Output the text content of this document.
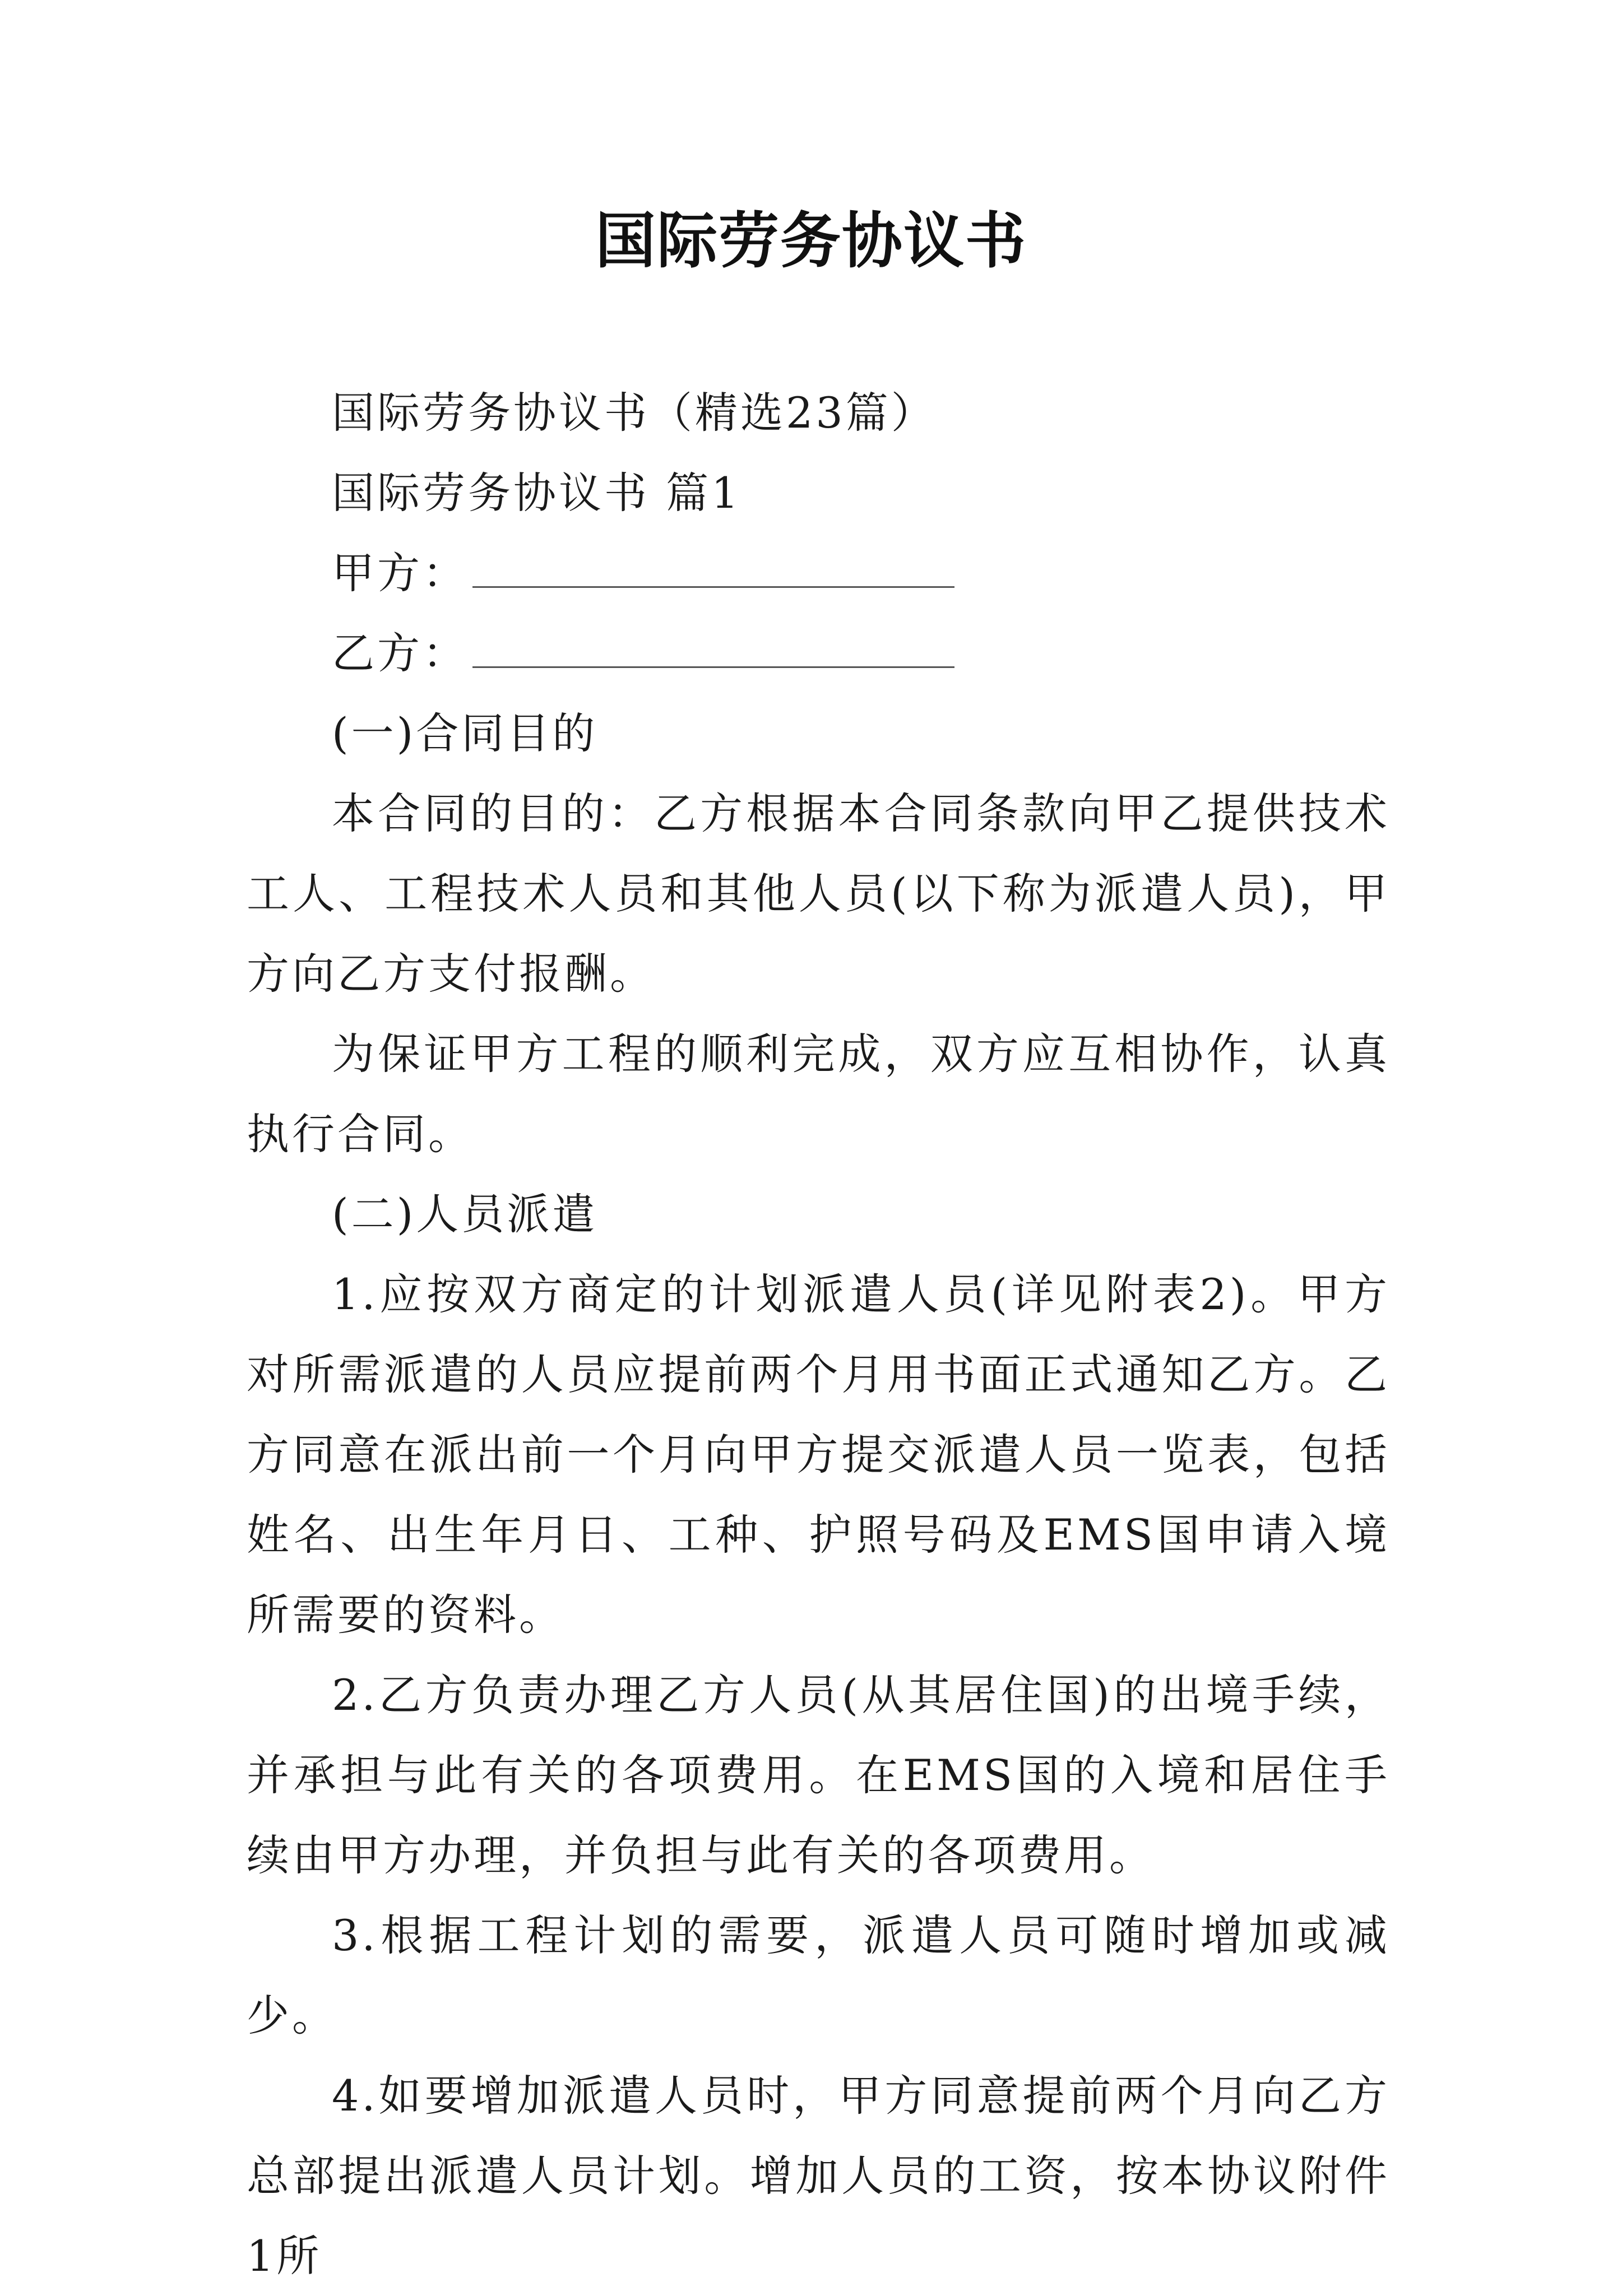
国际劳务协议书

国际劳务协议书（精选23篇）

国际劳务协议书 篇1

甲方：

乙方：

(一)合同目的

本合同的目的：乙方根据本合同条款向甲乙提供技术工人、工程技术人员和其他人员(以下称为派遣人员)，甲方向乙方支付报酬。

为保证甲方工程的顺利完成，双方应互相协作，认真执行合同。

(二)人员派遣

1.应按双方商定的计划派遣人员(详见附表2)。甲方对所需派遣的人员应提前两个月用书面正式通知乙方。乙方同意在派出前一个月向甲方提交派遣人员一览表，包括姓名、出生年月日、工种、护照号码及EMS国申请入境所需要的资料。

2.乙方负责办理乙方人员(从其居住国)的出境手续，并承担与此有关的各项费用。在EMS国的入境和居住手续由甲方办理，并负担与此有关的各项费用。

3.根据工程计划的需要，派遣人员可随时增加或减少。

4.如要增加派遣人员时，甲方同意提前两个月向乙方总部提出派遣人员计划。增加人员的工资，按本协议附件1所
